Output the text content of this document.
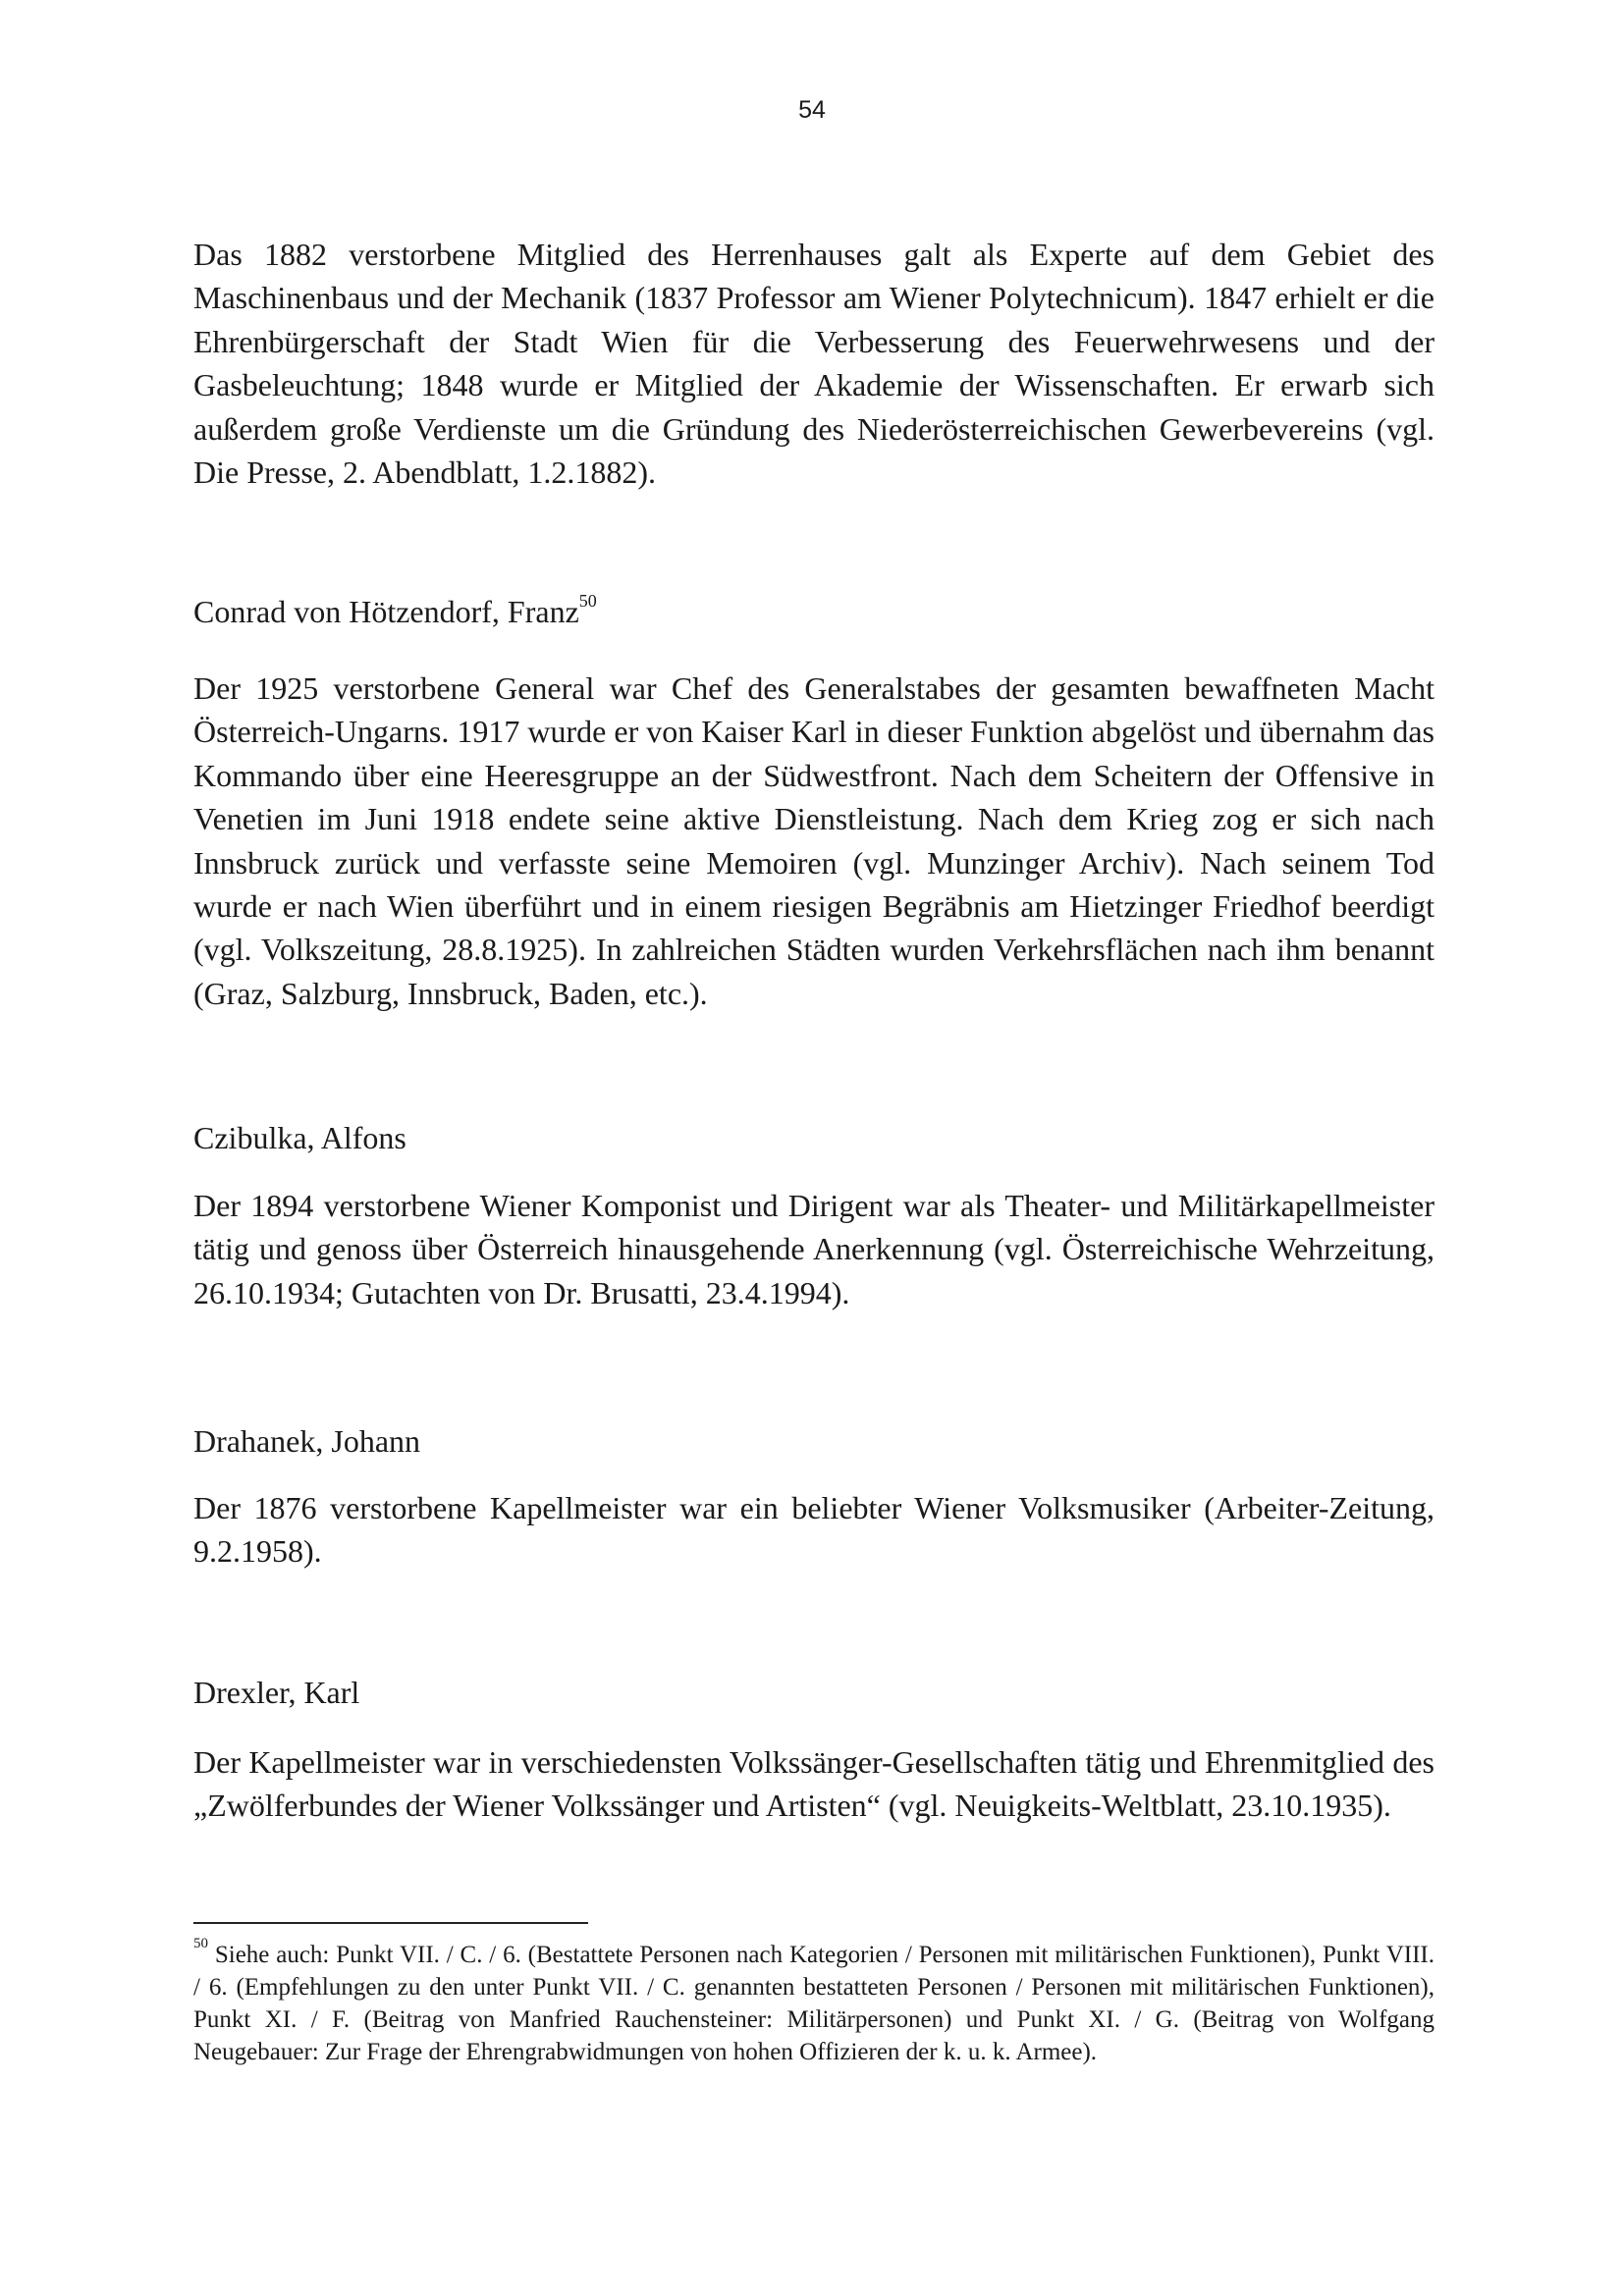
54

Das 1882 verstorbene Mitglied des Herrenhauses galt als Experte auf dem Gebiet des Maschinenbaus und der Mechanik (1837 Professor am Wiener Polytechnicum). 1847 erhielt er die Ehrenbürgerschaft der Stadt Wien für die Verbesserung des Feuerwehrwesens und der Gasbeleuchtung; 1848 wurde er Mitglied der Akademie der Wissenschaften. Er erwarb sich außerdem große Verdienste um die Gründung des Niederösterreichischen Gewerbevereins (vgl. Die Presse, 2. Abendblatt, 1.2.1882).

Conrad von Hötzendorf, Franz$^{50}$

Der 1925 verstorbene General war Chef des Generalstabes der gesamten bewaffneten Macht Österreich-Ungarns. 1917 wurde er von Kaiser Karl in dieser Funktion abgelöst und übernahm das Kommando über eine Heeresgruppe an der Südwestfront. Nach dem Scheitern der Offensive in Venetien im Juni 1918 endete seine aktive Dienstleistung. Nach dem Krieg zog er sich nach Innsbruck zurück und verfasste seine Memoiren (vgl. Munzinger Archiv). Nach seinem Tod wurde er nach Wien überführt und in einem riesigen Begräbnis am Hietzinger Friedhof beerdigt (vgl. Volkszeitung, 28.8.1925). In zahlreichen Städten wurden Verkehrsflächen nach ihm benannt (Graz, Salzburg, Innsbruck, Baden, etc.).

Czibulka, Alfons

Der 1894 verstorbene Wiener Komponist und Dirigent war als Theater- und Militärkapellmeister tätig und genoss über Österreich hinausgehende Anerkennung (vgl. Österreichische Wehrzeitung, 26.10.1934; Gutachten von Dr. Brusatti, 23.4.1994).

Drahanek, Johann

Der 1876 verstorbene Kapellmeister war ein beliebter Wiener Volksmusiker (Arbeiter-Zeitung, 9.2.1958).

Drexler, Karl

Der Kapellmeister war in verschiedensten Volkssänger-Gesellschaften tätig und Ehrenmitglied des „Zwölferbundes der Wiener Volkssänger und Artisten“ (vgl. Neuigkeits-Weltblatt, 23.10.1935).

$^{50}$ Siehe auch: Punkt VII. / C. / 6. (Bestattete Personen nach Kategorien / Personen mit militärischen Funktionen), Punkt VIII. / 6. (Empfehlungen zu den unter Punkt VII. / C. genannten bestatteten Personen / Personen mit militärischen Funktionen), Punkt XI. / F. (Beitrag von Manfried Rauchensteiner: Militärpersonen) und Punkt XI. / G. (Beitrag von Wolfgang Neugebauer: Zur Frage der Ehrengrabwidmungen von hohen Offizieren der k. u. k. Armee).
